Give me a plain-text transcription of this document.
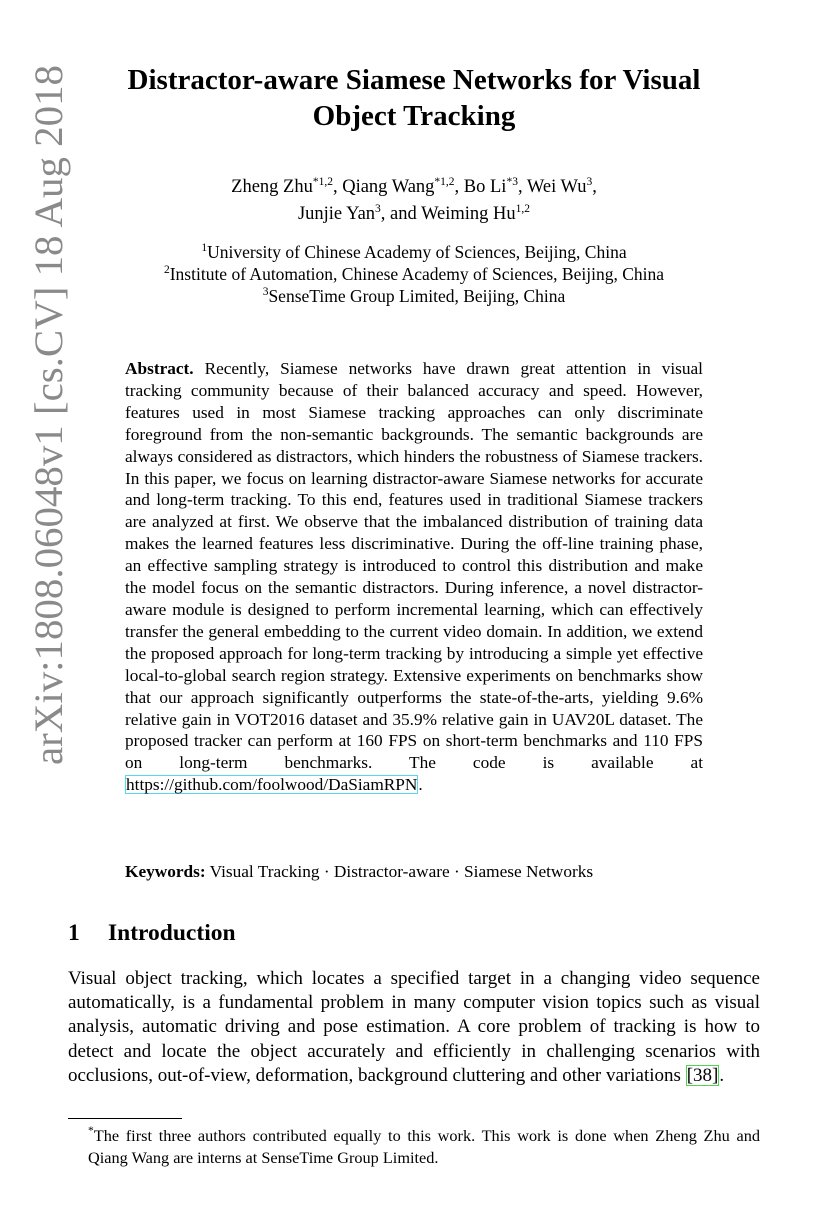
arXiv:1808.06048v1 [cs.CV] 18 Aug 2018
Distractor-aware Siamese Networks for Visual
Object Tracking
Zheng Zhu$^{*1,2}$, Qiang Wang$^{*1,2}$, Bo Li$^{*3}$, Wei Wu$^3$,
Junjie Yan$^3$, and Weiming Hu$^{1,2}$
$^1$University of Chinese Academy of Sciences, Beijing, China
$^2$Institute of Automation, Chinese Academy of Sciences, Beijing, China
$^3$SenseTime Group Limited, Beijing, China
Abstract. Recently, Siamese networks have drawn great attention in visual tracking community because of their balanced accuracy and speed. However, features used in most Siamese tracking approaches can only discriminate foreground from the non-semantic backgrounds. The semantic backgrounds are always considered as distractors, which hinders the robustness of Siamese trackers. In this paper, we focus on learning distractor-aware Siamese networks for accurate and long-term tracking. To this end, features used in traditional Siamese trackers are analyzed at first. We observe that the imbalanced distribution of training data makes the learned features less discriminative. During the off-line training phase, an effective sampling strategy is introduced to control this distribution and make the model focus on the semantic distractors. During inference, a novel distractor-aware module is designed to perform incremental learning, which can effectively transfer the general embedding to the current video domain. In addition, we extend the proposed approach for long-term tracking by introducing a simple yet effective local-to-global search region strategy. Extensive experiments on benchmarks show that our approach significantly outperforms the state-of-the-arts, yielding 9.6% relative gain in VOT2016 dataset and 35.9% relative gain in UAV20L dataset. The proposed tracker can perform at 160 FPS on short-term benchmarks and 110 FPS on long-term benchmarks. The code is available at https://github.com/foolwood/DaSiamRPN.
Keywords: Visual Tracking · Distractor-aware · Siamese Networks
1 Introduction
Visual object tracking, which locates a specified target in a changing video sequence automatically, is a fundamental problem in many computer vision topics such as visual analysis, automatic driving and pose estimation. A core problem of tracking is how to detect and locate the object accurately and efficiently in challenging scenarios with occlusions, out-of-view, deformation, background cluttering and other variations [38].
*The first three authors contributed equally to this work. This work is done when Zheng Zhu and Qiang Wang are interns at SenseTime Group Limited.
